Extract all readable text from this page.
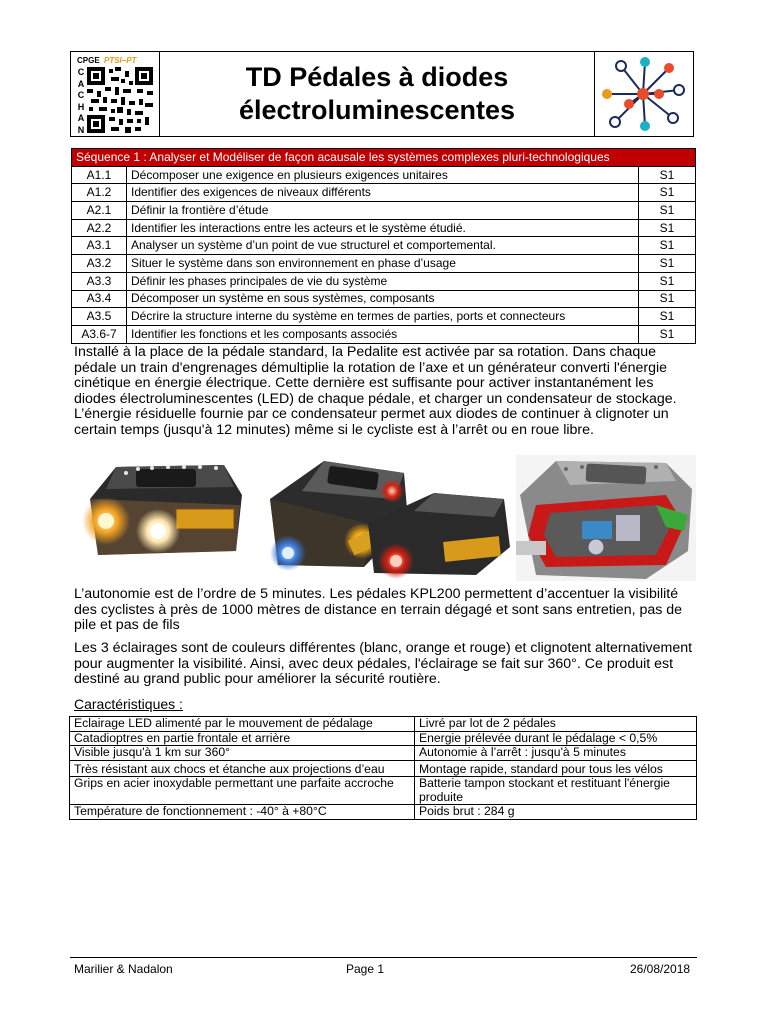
CPGE PTSI–PT
C
A
C
H
A
N
TD Pédales à diodes
électroluminescentes
Séquence 1 : Analyser et Modéliser de façon acausale les systèmes complexes pluri-technologiques		
A1.1	Décomposer une exigence en plusieurs exigences unitaires	S1
A1.2	Identifier des exigences de niveaux différents	S1
A2.1	Définir la frontière d’étude	S1
A2.2	Identifier les interactions entre les acteurs et le système étudié.	S1
A3.1	Analyser un système d’un point de vue structurel et comportemental.	S1
A3.2	Situer le système dans son environnement en phase d’usage	S1
A3.3	Définir les phases principales de vie du système	S1
A3.4	Décomposer un système en sous systèmes, composants	S1
A3.5	Décrire la structure interne du système en termes de parties, ports et connecteurs	S1
A3.6-7	Identifier les fonctions et les composants associés	S1

Installé à la place de la pédale standard, la Pedalite est activée par sa rotation. Dans chaque pédale un train d'engrenages démultiplie la rotation de l’axe et un générateur converti l'énergie cinétique en énergie électrique. Cette dernière est suffisante pour activer instantanément les diodes électroluminescentes (LED) de chaque pédale, et charger un condensateur de stockage. L’énergie résiduelle fournie par ce condensateur permet aux diodes de continuer à clignoter un certain temps (jusqu'à 12 minutes) même si le cycliste est à l’arrêt ou en roue libre.

L’autonomie est de l’ordre de 5 minutes. Les pédales KPL200 permettent d’accentuer la visibilité des cyclistes à près de 1000 mètres de distance en terrain dégagé et sont sans entretien, pas de pile et pas de fils

Les 3 éclairages sont de couleurs différentes (blanc, orange et rouge) et clignotent alternativement pour augmenter la visibilité. Ainsi, avec deux pédales, l'éclairage se fait sur 360°. Ce produit est destiné au grand public pour améliorer la sécurité routière.

Caractéristiques :
Eclairage LED alimenté par le mouvement de pédalage	Livré par lot de 2 pédales
Catadioptres en partie frontale et arrière	Energie prélevée durant le pédalage < 0,5%
Visible jusqu'à 1 km sur 360°	Autonomie à l’arrêt : jusqu'à 5 minutes
Très résistant aux chocs et étanche aux projections d’eau	Montage rapide, standard pour tous les vélos
Grips en acier inoxydable permettant une parfaite accroche	Batterie tampon stockant et restituant l'énergie produite
Température de fonctionnement : -40° à +80°C	Poids brut : 284 g
Marilier & Nadalon	Page 1	26/08/2018
